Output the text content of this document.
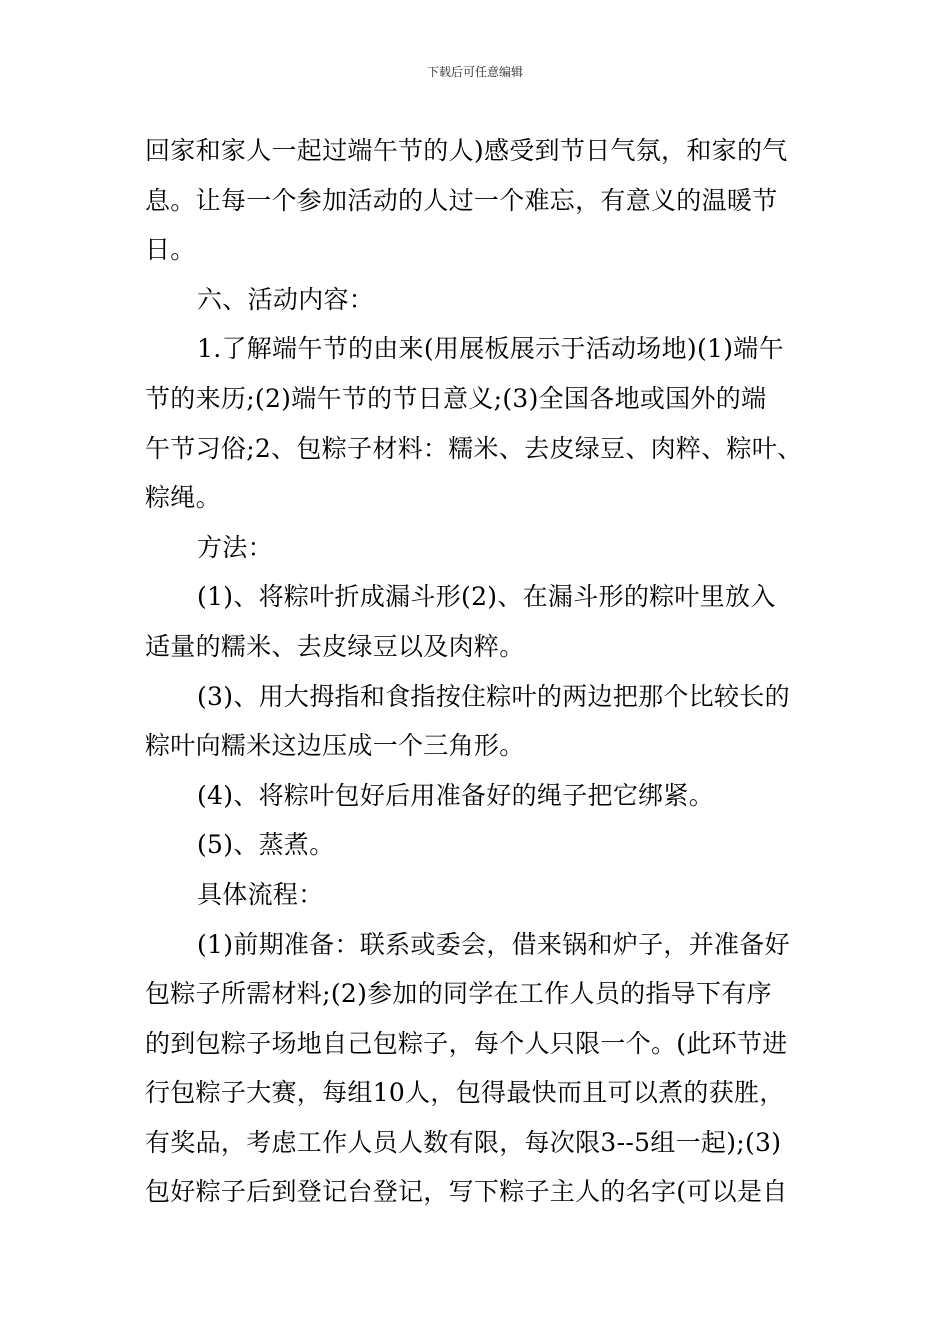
下载后可任意编辑

回家和家人一起过端午节的人)感受到节日气氛，和家的气

息。让每一个参加活动的人过一个难忘，有意义的温暖节

日。

六、活动内容：

1.了解端午节的由来(用展板展示于活动场地)(1)端午

节的来历;(2)端午节的节日意义;(3)全国各地或国外的端

午节习俗;2、包粽子材料：糯米、去皮绿豆、肉粹、粽叶、

粽绳。

方法：

(1)、将粽叶折成漏斗形(2)、在漏斗形的粽叶里放入

适量的糯米、去皮绿豆以及肉粹。

(3)、用大拇指和食指按住粽叶的两边把那个比较长的

粽叶向糯米这边压成一个三角形。

(4)、将粽叶包好后用准备好的绳子把它绑紧。

(5)、蒸煮。

具体流程：

(1)前期准备：联系或委会，借来锅和炉子，并准备好

包粽子所需材料;(2)参加的同学在工作人员的指导下有序

的到包粽子场地自己包粽子，每个人只限一个。(此环节进

行包粽子大赛，每组10人，包得最快而且可以煮的获胜，

有奖品，考虑工作人员人数有限，每次限3--5组一起);(3)

包好粽子后到登记台登记，写下粽子主人的名字(可以是自
